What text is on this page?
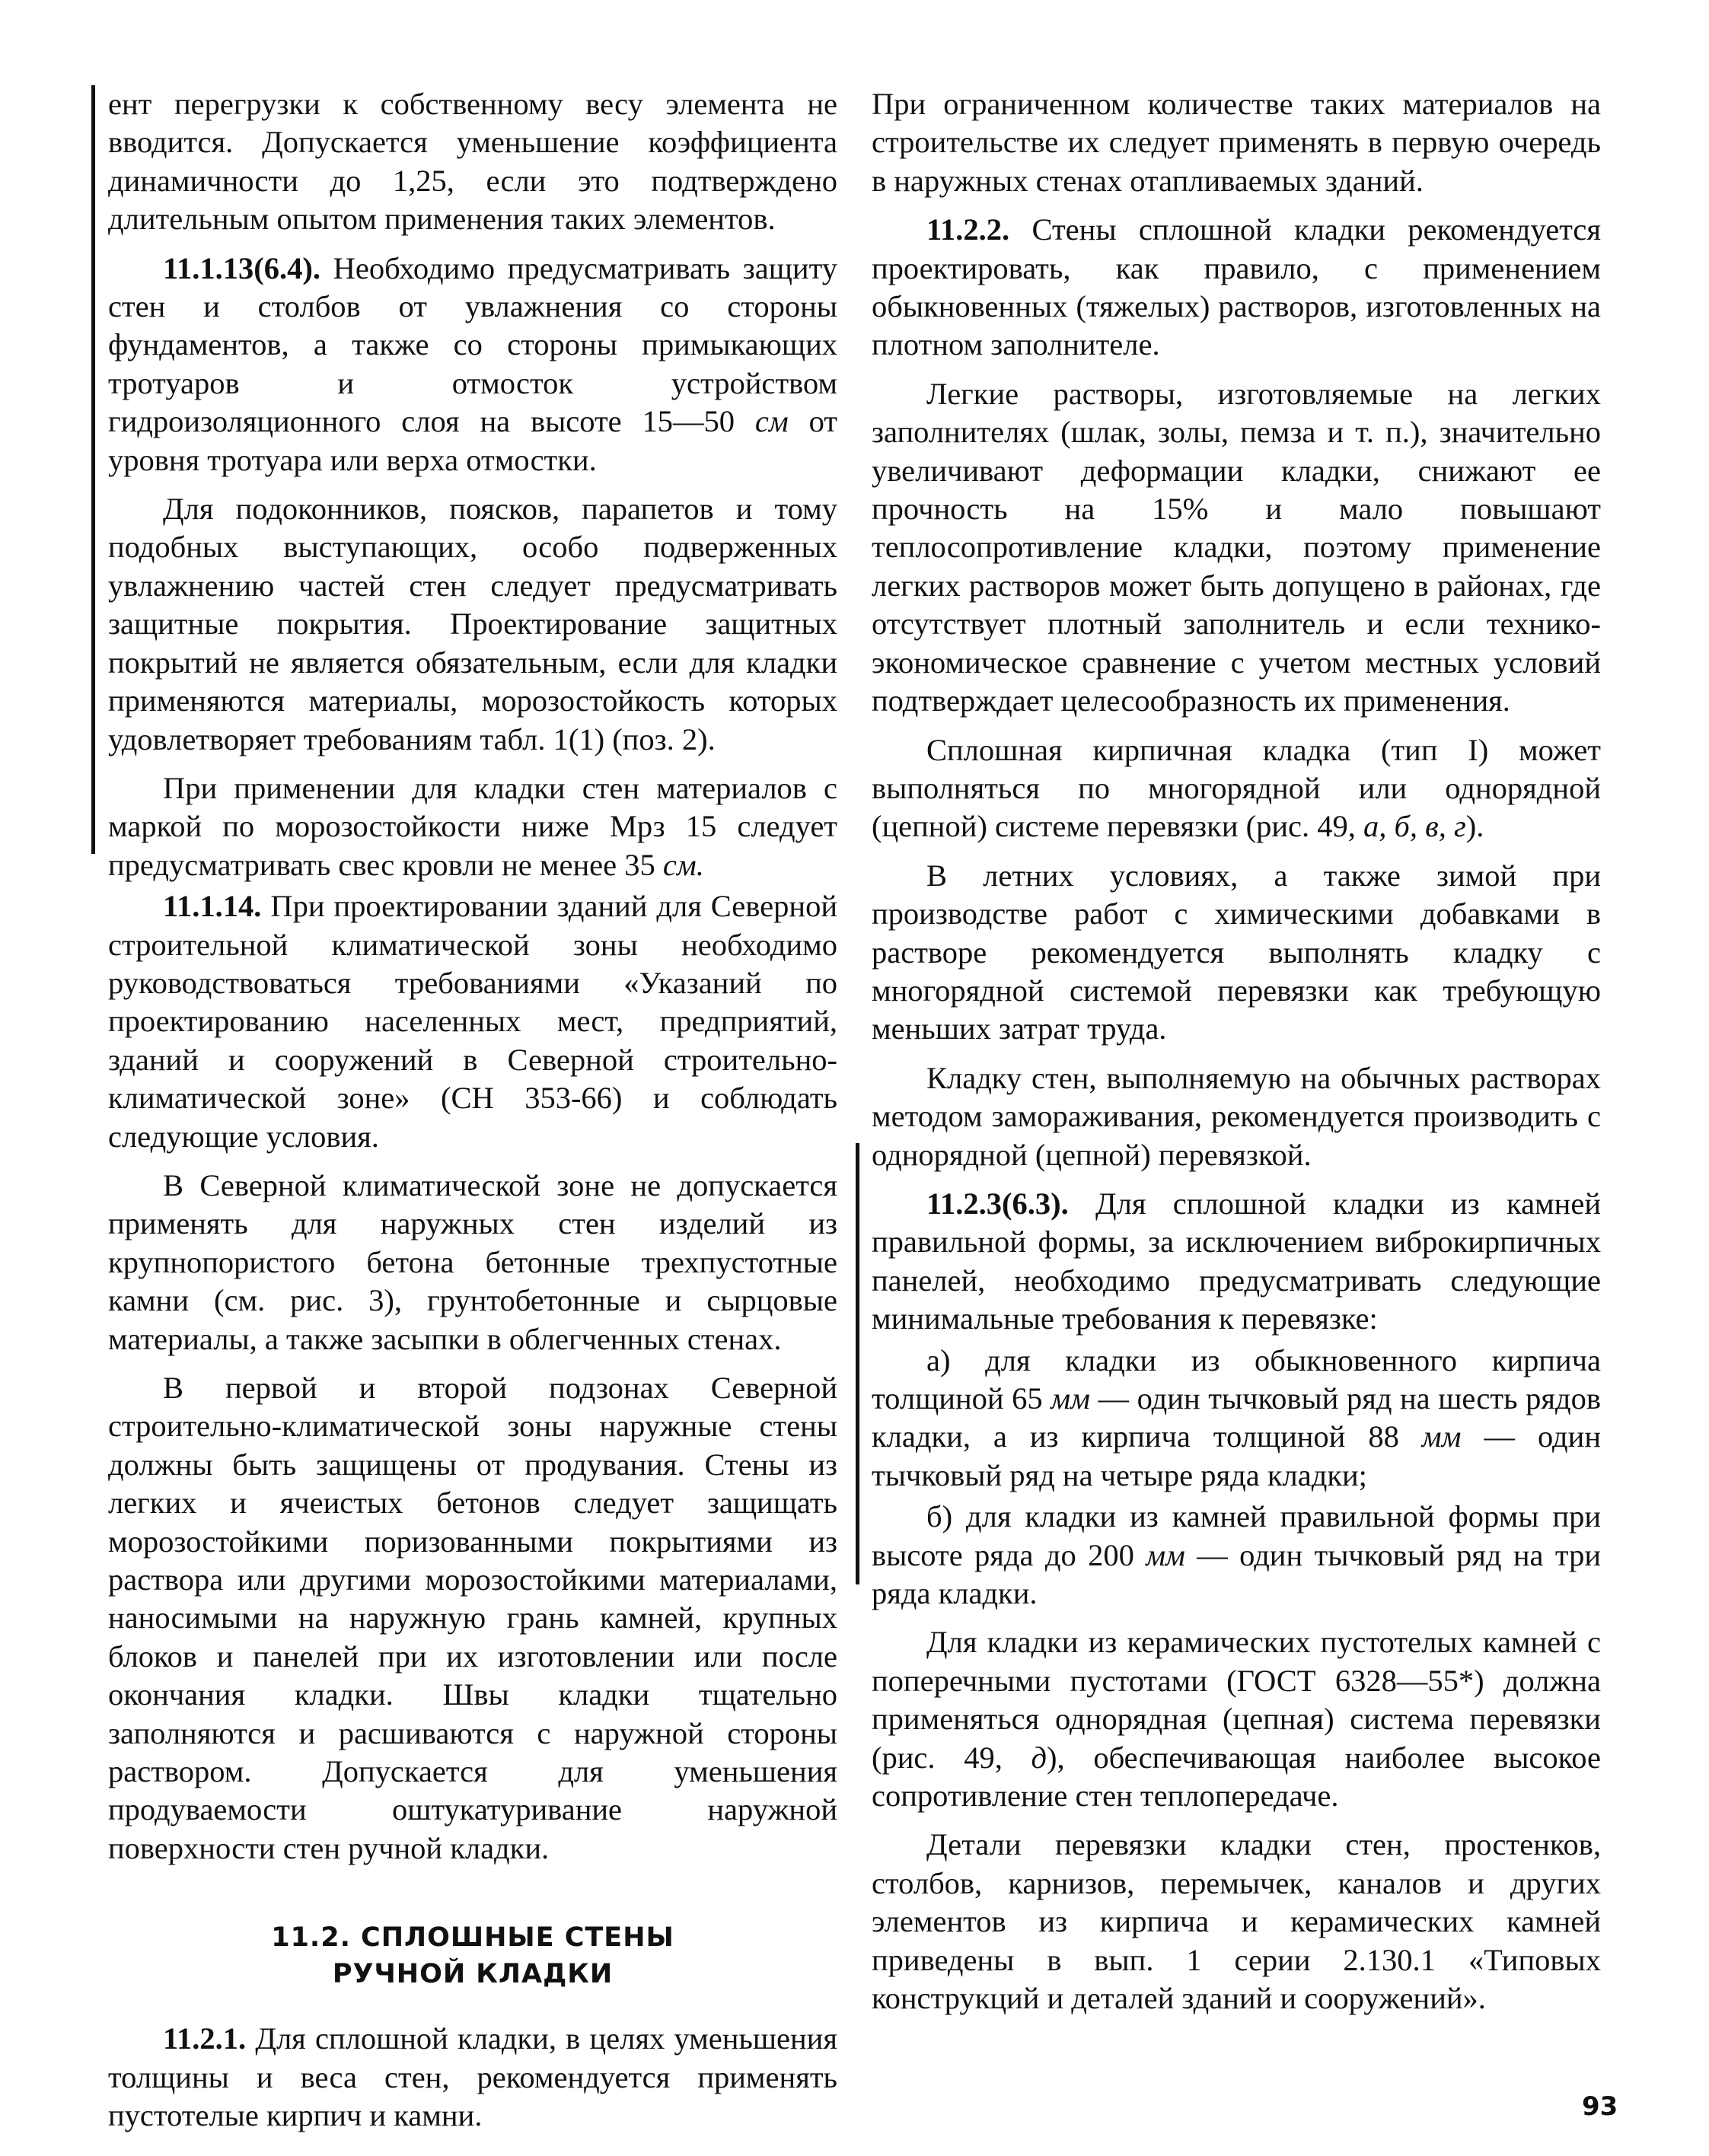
ент перегрузки к собственному весу элемента не вводится. Допускается уменьшение коэффициента динамичности до 1,25, если это подтверждено длительным опытом применения таких элементов.

11.1.13(6.4). Необходимо предусматривать защиту стен и столбов от увлажнения со стороны фундаментов, а также со стороны примыкающих тротуаров и отмосток устройством гидроизоляционного слоя на высоте 15—50 см от уровня тротуара или верха отмостки.

Для подоконников, поясков, парапетов и тому подобных выступающих, особо подверженных увлажнению частей стен следует предусматривать защитные покрытия. Проектирование защитных покрытий не является обязательным, если для кладки применяются материалы, морозостойкость которых удовлетворяет требованиям табл. 1(1) (поз. 2).

При применении для кладки стен материалов с маркой по морозостойкости ниже Мрз 15 следует предусматривать свес кровли не менее 35 см.

11.1.14. При проектировании зданий для Северной строительной климатической зоны необходимо руководствоваться требованиями «Указаний по проектированию населенных мест, предприятий, зданий и сооружений в Северной строительно-климатической зоне» (СН 353-66) и соблюдать следующие условия.

В Северной климатической зоне не допускается применять для наружных стен изделий из крупнопористого бетона бетонные трехпустотные камни (см. рис. 3), грунтобетонные и сырцовые материалы, а также засыпки в облегченных стенах.

В первой и второй подзонах Северной строительно-климатической зоны наружные стены должны быть защищены от продувания. Стены из легких и ячеистых бетонов следует защищать морозостойкими поризованными покрытиями из раствора или другими морозостойкими материалами, наносимыми на наружную грань камней, крупных блоков и панелей при их изготовлении или после окончания кладки. Швы кладки тщательно заполняются и расшиваются с наружной стороны раствором. Допускается для уменьшения продуваемости оштукатуривание наружной поверхности стен ручной кладки.

11.2. СПЛОШНЫЕ СТЕНЫ
РУЧНОЙ КЛАДКИ

11.2.1. Для сплошной кладки, в целях уменьшения толщины и веса стен, рекомендуется применять пустотелые кирпич и камни.

При ограниченном количестве таких материалов на строительстве их следует применять в первую очередь в наружных стенах отапливаемых зданий.

11.2.2. Стены сплошной кладки рекомендуется проектировать, как правило, с применением обыкновенных (тяжелых) растворов, изготовленных на плотном заполнителе.

Легкие растворы, изготовляемые на легких заполнителях (шлак, золы, пемза и т. п.), значительно увеличивают деформации кладки, снижают ее прочность на 15% и мало повышают теплосопротивление кладки, поэтому применение легких растворов может быть допущено в районах, где отсутствует плотный заполнитель и если технико-экономическое сравнение с учетом местных условий подтверждает целесообразность их применения.

Сплошная кирпичная кладка (тип I) может выполняться по многорядной или однорядной (цепной) системе перевязки (рис. 49, а, б, в, г).

В летних условиях, а также зимой при производстве работ с химическими добавками в растворе рекомендуется выполнять кладку с многорядной системой перевязки как требующую меньших затрат труда.

Кладку стен, выполняемую на обычных растворах методом замораживания, рекомендуется производить с однорядной (цепной) перевязкой.

11.2.3(6.3). Для сплошной кладки из камней правильной формы, за исключением виброкирпичных панелей, необходимо предусматривать следующие минимальные требования к перевязке:

а) для кладки из обыкновенного кирпича толщиной 65 мм — один тычковый ряд на шесть рядов кладки, а из кирпича толщиной 88 мм — один тычковый ряд на четыре ряда кладки;

б) для кладки из камней правильной формы при высоте ряда до 200 мм — один тычковый ряд на три ряда кладки.

Для кладки из керамических пустотелых камней с поперечными пустотами (ГОСТ 6328—55*) должна применяться однорядная (цепная) система перевязки (рис. 49, д), обеспечивающая наиболее высокое сопротивление стен теплопередаче.

Детали перевязки кладки стен, простенков, столбов, карнизов, перемычек, каналов и других элементов из кирпича и керамических камней приведены в вып. 1 серии 2.130.1 «Типовых конструкций и деталей зданий и сооружений».

93
